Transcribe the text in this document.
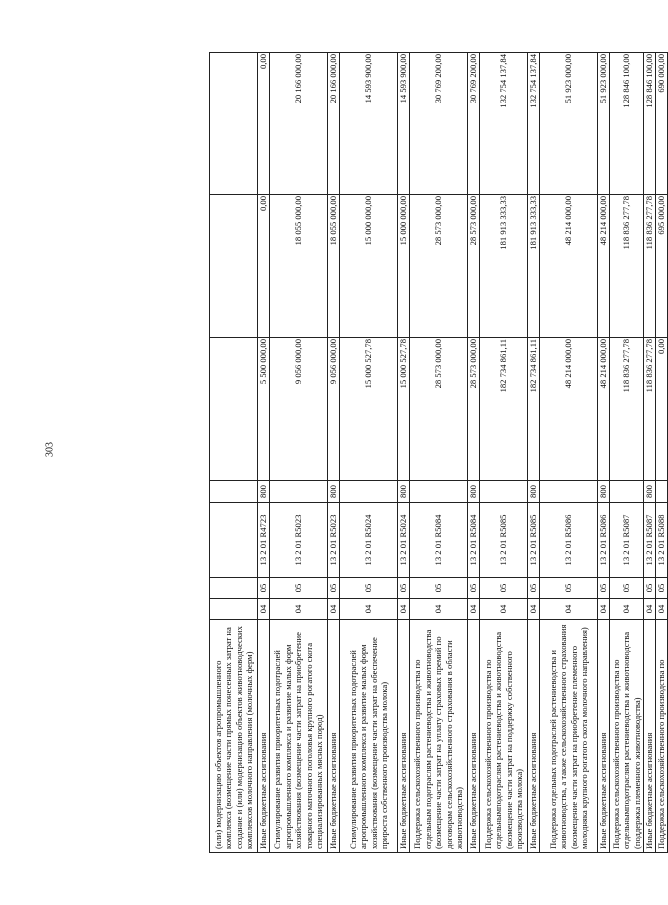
303
(или) модернизацию объектов агропромышленного комплекса (возмещение части прямых понесенных затрат на создание и (или) модернизацию объектов животноводческих комплексов молочного направления (молочных ферм)							
Иные бюджетные ассигнования	04	05	13 2 01 R4723	800	5 500 000,00	0,00	0,00
Стимулирование развития приоритетных подотраслей агропромышленного комплекса и развитие малых форм хозяйствования (возмещение части затрат на приобретение товарного маточного поголовья крупного рогатого скота специализированных мясных пород)	04	05	13 2 01 R5023		9 056 000,00	18 055 000,00	20 166 000,00
Иные бюджетные ассигнования	04	05	13 2 01 R5023	800	9 056 000,00	18 055 000,00	20 166 000,00
Стимулирование развития приоритетных подотраслей агропромышленного комплекса и развитие малых форм хозяйствования (возмещение части затрат на обеспечение прироста собственного производства молока)	04	05	13 2 01 R5024		15 000 527,78	15 000 000,00	14 593 900,00
Иные бюджетные ассигнования	04	05	13 2 01 R5024	800	15 000 527,78	15 000 000,00	14 593 900,00
Поддержка сельскохозяйственного производства по отдельным подотраслям растениеводства и животноводства (возмещение части затрат на уплату страховых премий по договорам сельскохозяйственного страхования в области животноводства)	04	05	13 2 01 R5084		28 573 000,00	28 573 000,00	30 769 200,00
Иные бюджетные ассигнования	04	05	13 2 01 R5084	800	28 573 000,00	28 573 000,00	30 769 200,00
Поддержка сельскохозяйственного производства по отдельнымподотраслям растениеводства и животноводства (возмещение части затрат на поддержку собственного производства молока)	04	05	13 2 01 R5085		182 734 861,11	181 913 333,33	132 754 137,84
Иные бюджетные ассигнования	04	05	13 2 01 R5085	800	182 734 861,11	181 913 333,33	132 754 137,84
Поддержка отдельных подотраслей растениеводства и животноводства, а также сельскохозяйственного страхования (возмещение части затрат на приобретение племенного молодняка крупного рогатого скота молочного направления)	04	05	13 2 01 R5086		48 214 000,00	48 214 000,00	51 923 000,00
Иные бюджетные ассигнования	04	05	13 2 01 R5086	800	48 214 000,00	48 214 000,00	51 923 000,00
Поддержка сельскохозяйственного производства по отдельнымподотраслям растениеводства и животноводства (поддержка племенного животноводства)	04	05	13 2 01 R5087		118 836 277,78	118 836 277,78	128 846 100,00
Иные бюджетные ассигнования	04	05	13 2 01 R5087	800	118 836 277,78	118 836 277,78	128 846 100,00
Поддержка сельскохозяйственного производства по	04	05	13 2 01 R5088		0,00	695 000,00	690 000,00
